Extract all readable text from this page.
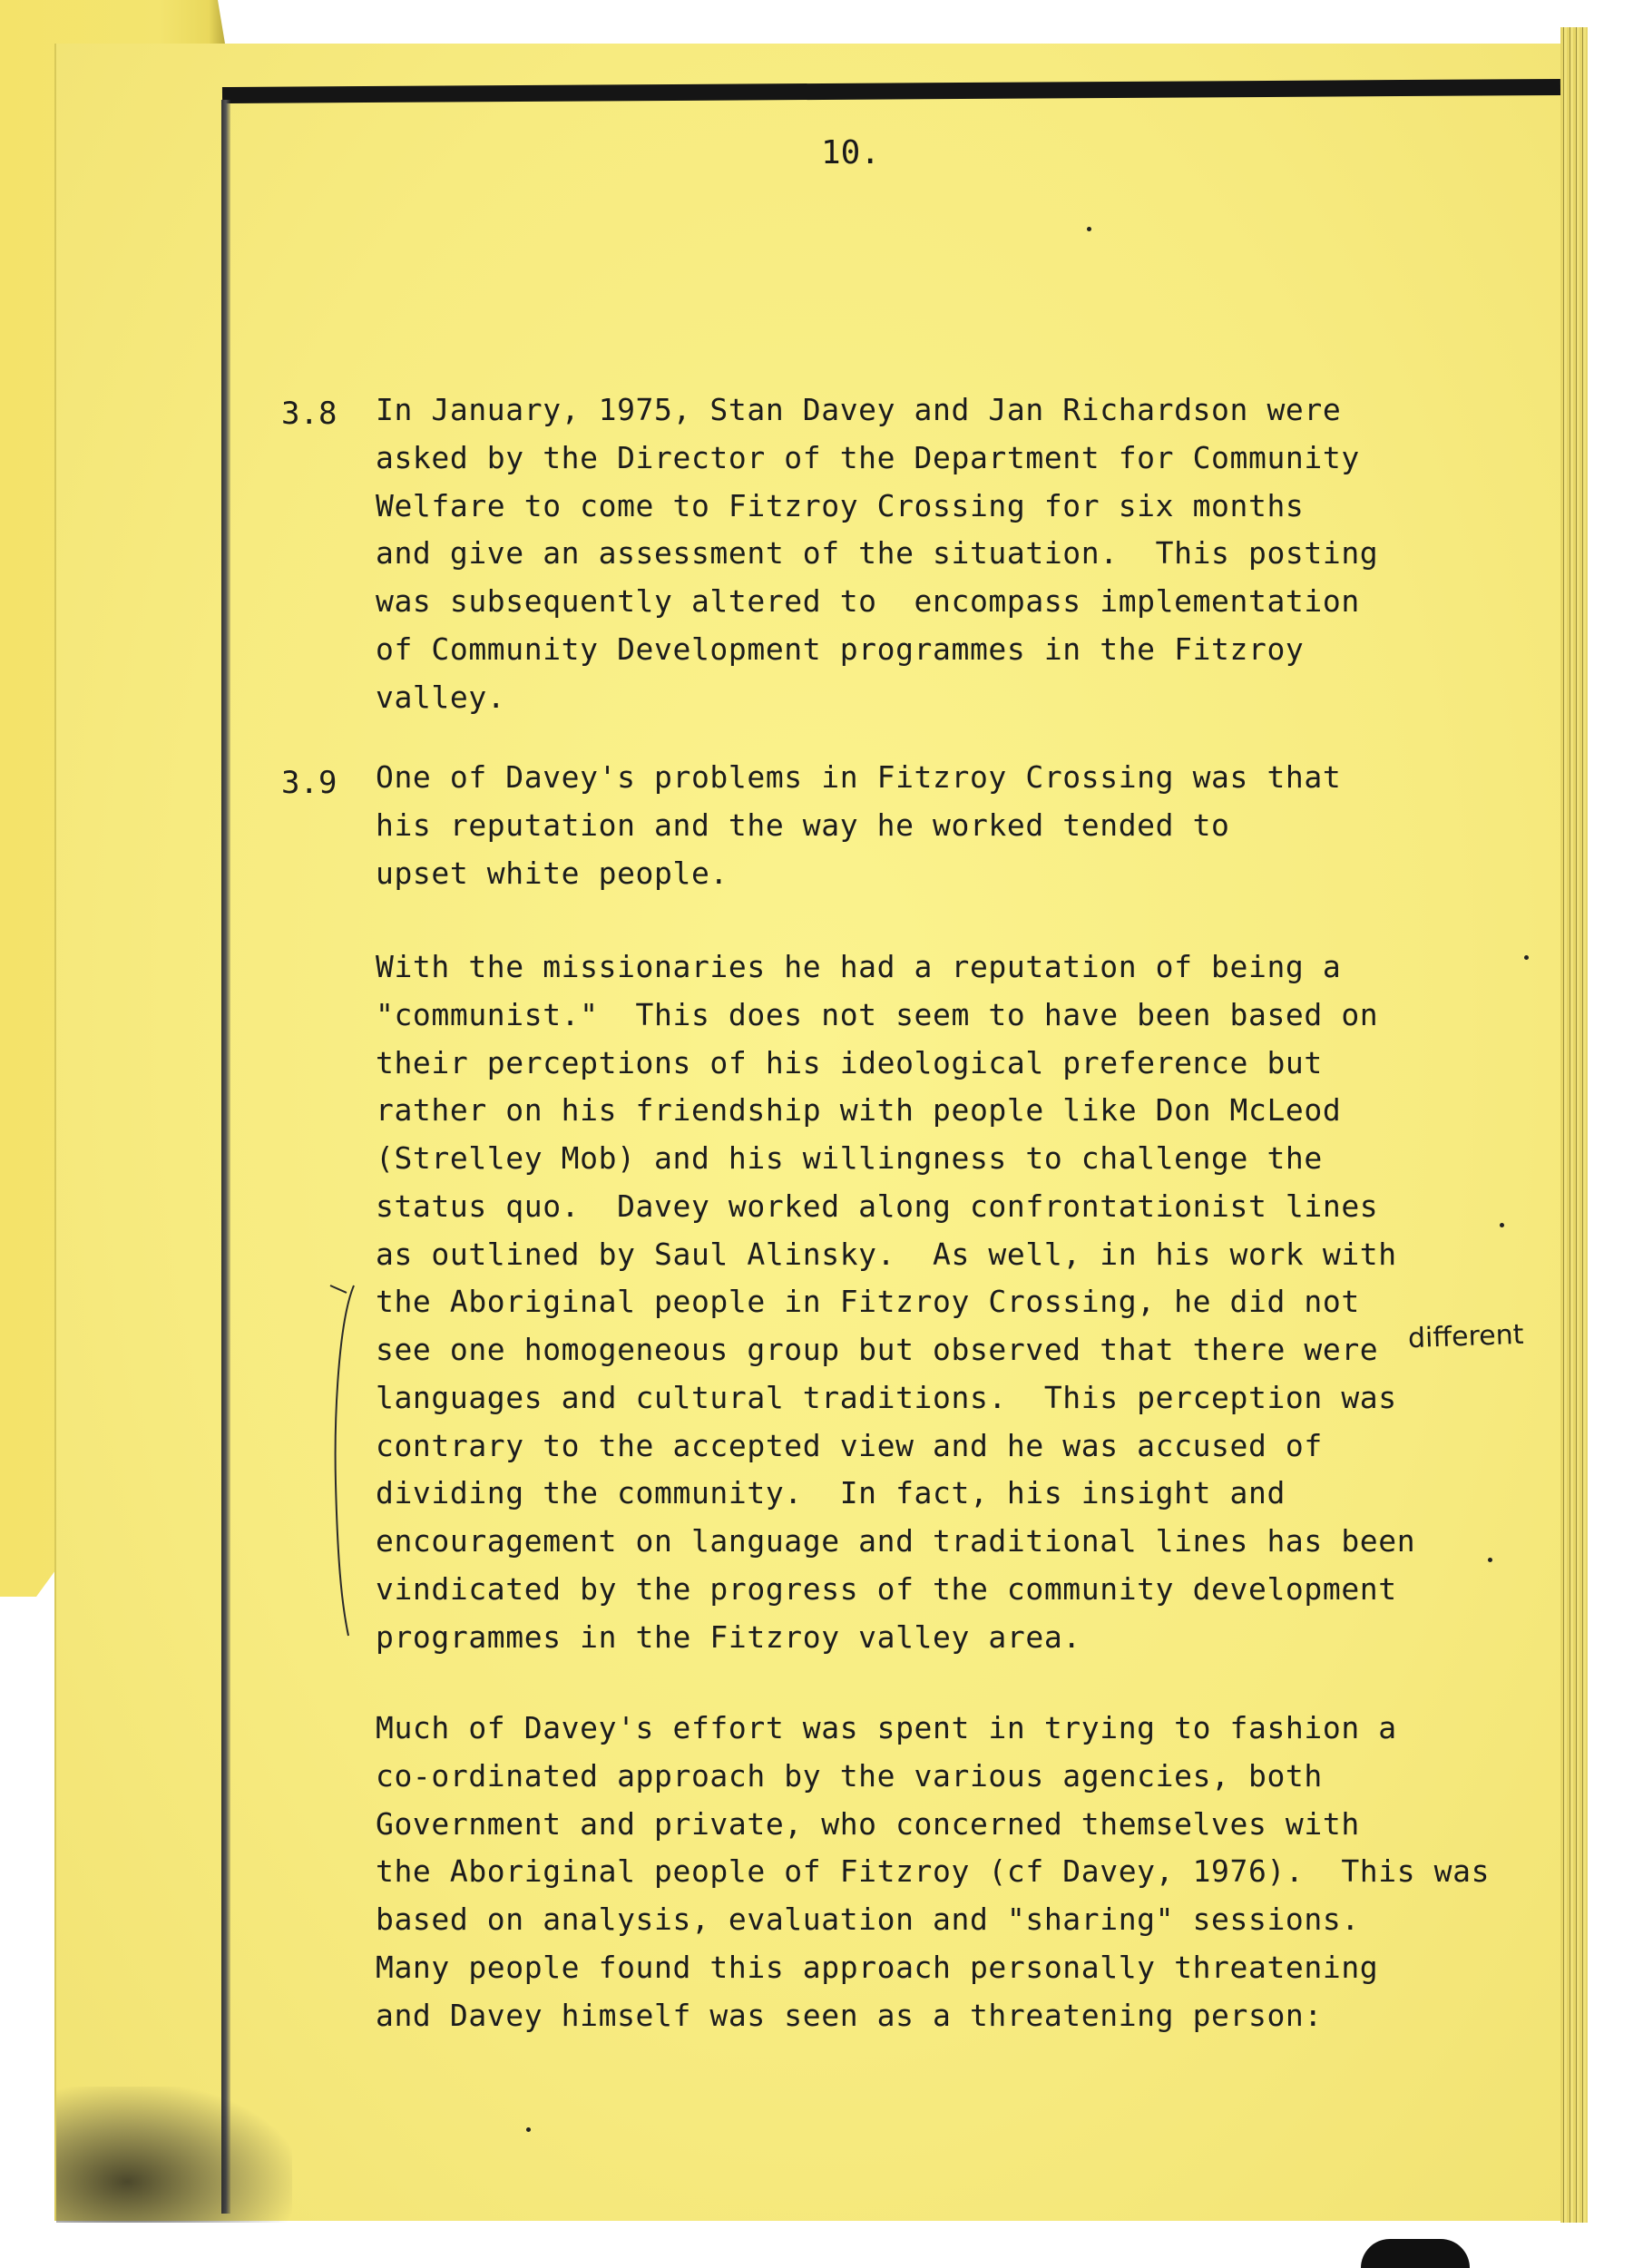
10.
3.8 In January, 1975, Stan Davey and Jan Richardson were
asked by the Director of the Department for Community
Welfare to come to Fitzroy Crossing for six months
and give an assessment of the situation.  This posting
was subsequently altered to  encompass implementation
of Community Development programmes in the Fitzroy
valley.
3.9 One of Davey's problems in Fitzroy Crossing was that
his reputation and the way he worked tended to
upset white people.
With the missionaries he had a reputation of being a
"communist."  This does not seem to have been based on
their perceptions of his ideological preference but
rather on his friendship with people like Don McLeod
(Strelley Mob) and his willingness to challenge the
status quo.  Davey worked along confrontationist lines
as outlined by Saul Alinsky.  As well, in his work with
the Aboriginal people in Fitzroy Crossing, he did not
see one homogeneous group but observed that there were
languages and cultural traditions.  This perception was
contrary to the accepted view and he was accused of
dividing the community.  In fact, his insight and
encouragement on language and traditional lines has been
vindicated by the progress of the community development
programmes in the Fitzroy valley area.
different
Much of Davey's effort was spent in trying to fashion a
co-ordinated approach by the various agencies, both
Government and private, who concerned themselves with
the Aboriginal people of Fitzroy (cf Davey, 1976).  This was
based on analysis, evaluation and "sharing" sessions.
Many people found this approach personally threatening
and Davey himself was seen as a threatening person:
